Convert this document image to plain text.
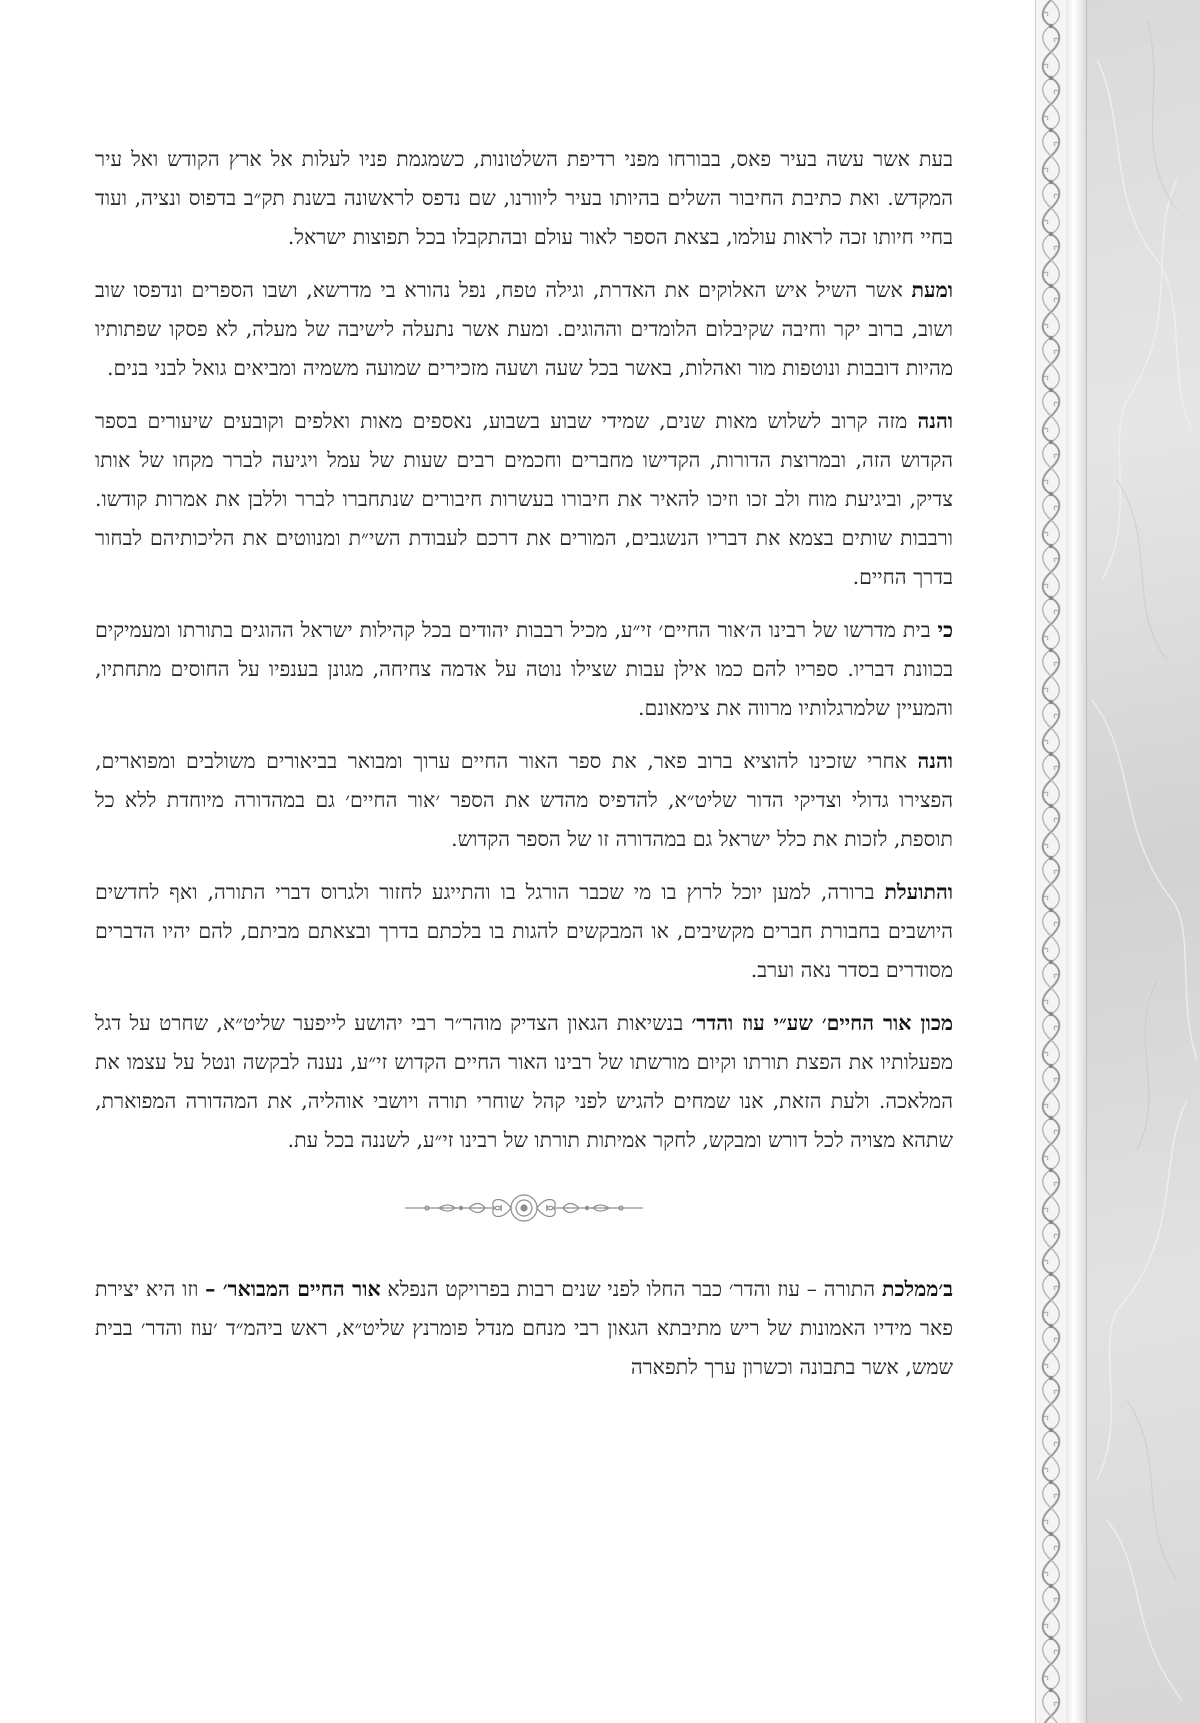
בעת אשר עשה בעיר פאס, בבורחו מפני רדיפת השלטונות, כשמגמת פניו לעלות אל ארץ הקודש ואל עיר המקדש. ואת כתיבת החיבור השלים בהיותו בעיר ליוורנו, שם נדפס לראשונה בשנת תק״ב בדפוס ונציה, ועוד בחיי חיותו זכה לראות עולמו, בצאת הספר לאור עולם ובהתקבלו בכל תפוצות ישראל.

ומעת אשר השיל איש האלוקים את האדרת, וגילה טפח, נפל נהורא בי מדרשא, ושבו הספרים ונדפסו שוב ושוב, ברוב יקר וחיבה שקיבלום הלומדים וההוגים. ומעת אשר נתעלה לישיבה של מעלה, לא פסקו שפתותיו מהיות דובבות ונוטפות מור ואהלות, באשר בכל שעה ושעה מזכירים שמועה משמיה ומביאים גואל לבני בנים.

והנה מזה קרוב לשלוש מאות שנים, שמידי שבוע בשבוע, נאספים מאות ואלפים וקובעים שיעורים בספר הקדוש הזה, ובמרוצת הדורות, הקדישו מחברים וחכמים רבים שעות של עמל ויגיעה לברר מקחו של אותו צדיק, וביגיעת מוח ולב זכו וזיכו להאיר את חיבורו בעשרות חיבורים שנתחברו לברר וללבן את אמרות קודשו. ורבבות שותים בצמא את דבריו הנשגבים, המורים את דרכם לעבודת השי״ת ומנווטים את הליכותיהם לבחור בדרך החיים.

כי בית מדרשו של רבינו ה׳אור החיים׳ זי״ע, מכיל רבבות יהודים בכל קהילות ישראל ההוגים בתורתו ומעמיקים בכוונת דבריו. ספריו להם כמו אילן עבות שצילו נוטה על אדמה צחיחה, מגונן בענפיו על החוסים מתחתיו, והמעיין שלמרגלותיו מרווה את צימאונם.

והנה אחרי שזכינו להוציא ברוב פאר, את ספר האור החיים ערוך ומבואר בביאורים משולבים ומפוארים, הפצירו גדולי וצדיקי הדור שליט״א, להדפיס מהדש את הספר ׳אור החיים׳ גם במהדורה מיוחדת ללא כל תוספת, לזכות את כלל ישראל גם במהדורה זו של הספר הקדוש.

והתועלת ברורה, למען יוכל לרוץ בו מי שכבר הורגל בו והתייגע לחזור ולגרוס דברי התורה, ואף לחדשים היושבים בחבורת חברים מקשיבים, או המבקשים להגות בו בלכתם בדרך ובצאתם מביתם, להם יהיו הדברים מסודרים בסדר נאה וערב.

מכון אור החיים׳ שע״י עוז והדר׳ בנשיאות הגאון הצדיק מוהר״ר רבי יהושע לייפער שליט״א, שחרט על דגל מפעלותיו את הפצת תורתו וקיום מורשתו של רבינו האור החיים הקדוש זי״ע, נענה לבקשה ונטל על עצמו את המלאכה. ולעת הזאת, אנו שמחים להגיש לפני קהל שוחרי תורה ויושבי אוהליה, את המהדורה המפוארת, שתהא מצויה לכל דורש ומבקש, לחקר אמיתות תורתו של רבינו זי״ע, לשננה בכל עת.

ב׳ממלכת התורה – עוז והדר׳ כבר החלו לפני שנים רבות בפרויקט הנפלא אור החיים המבואר׳ – וזו היא יצירת פאר מידיו האמונות של ריש מתיבתא הגאון רבי מנחם מנדל פומרנץ שליט״א, ראש ביהמ״ד ׳עוז והדר׳ בבית שמש, אשר בתבונה וכשרון ערך לתפארה
